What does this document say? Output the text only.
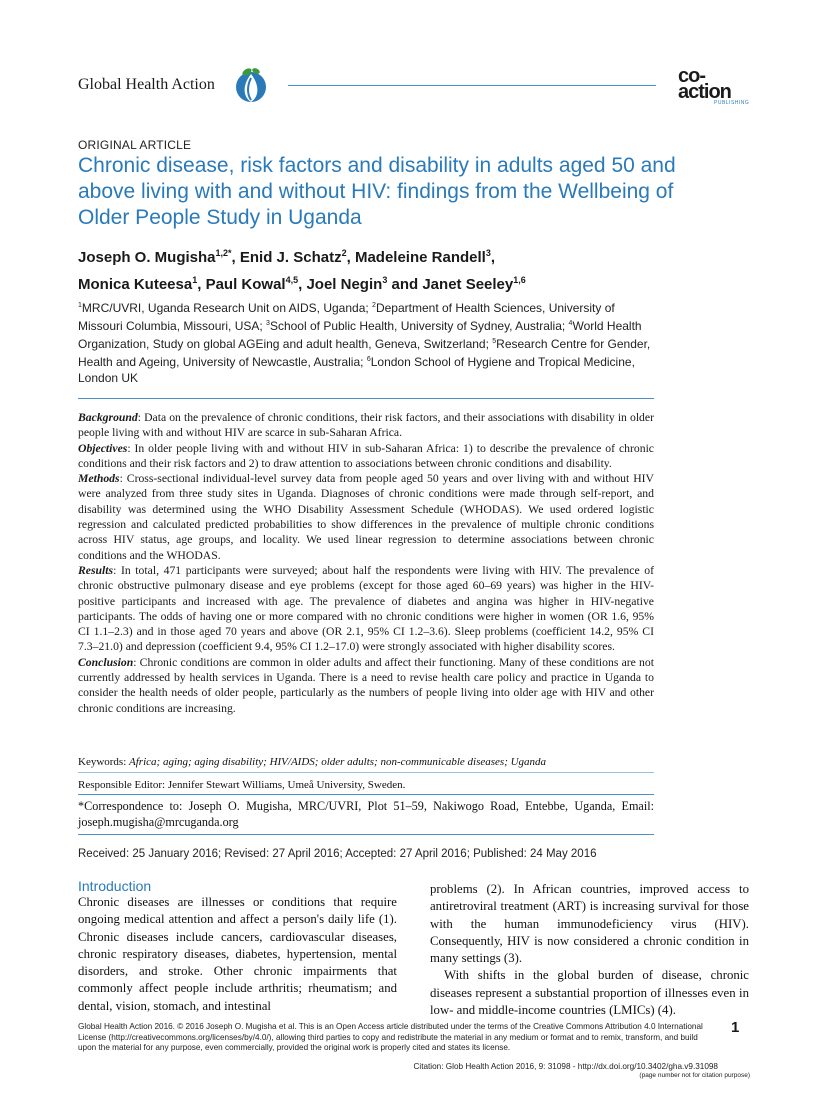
Global Health Action	co-action
PUBLISHING
ORIGINAL ARTICLE
Chronic disease, risk factors and disability in adults aged 50 and above living with and without HIV: findings from the Wellbeing of Older People Study in Uganda
Joseph O. Mugisha$^{1,2*}$, Enid J. Schatz$^2$, Madeleine Randell$^3$,
Monica Kuteesa$^1$, Paul Kowal$^{4,5}$, Joel Negin$^3$ and Janet Seeley$^{1,6}$
$^1$MRC/UVRI, Uganda Research Unit on AIDS, Uganda; $^2$Department of Health Sciences, University of Missouri Columbia, Missouri, USA; $^3$School of Public Health, University of Sydney, Australia; $^4$World Health Organization, Study on global AGEing and adult health, Geneva, Switzerland; $^5$Research Centre for Gender, Health and Ageing, University of Newcastle, Australia; $^6$London School of Hygiene and Tropical Medicine, London UK

Background: Data on the prevalence of chronic conditions, their risk factors, and their associations with disability in older people living with and without HIV are scarce in sub-Saharan Africa.

Objectives: In older people living with and without HIV in sub-Saharan Africa: 1) to describe the prevalence of chronic conditions and their risk factors and 2) to draw attention to associations between chronic conditions and disability.

Methods: Cross-sectional individual-level survey data from people aged 50 years and over living with and without HIV were analyzed from three study sites in Uganda. Diagnoses of chronic conditions were made through self-report, and disability was determined using the WHO Disability Assessment Schedule (WHODAS). We used ordered logistic regression and calculated predicted probabilities to show differences in the prevalence of multiple chronic conditions across HIV status, age groups, and locality. We used linear regression to determine associations between chronic conditions and the WHODAS.

Results: In total, 471 participants were surveyed; about half the respondents were living with HIV. The prevalence of chronic obstructive pulmonary disease and eye problems (except for those aged 60–69 years) was higher in the HIV-positive participants and increased with age. The prevalence of diabetes and angina was higher in HIV-negative participants. The odds of having one or more compared with no chronic conditions were higher in women (OR 1.6, 95% CI 1.1–2.3) and in those aged 70 years and above (OR 2.1, 95% CI 1.2–3.6). Sleep problems (coefficient 14.2, 95% CI 7.3–21.0) and depression (coefficient 9.4, 95% CI 1.2–17.0) were strongly associated with higher disability scores.

Conclusion: Chronic conditions are common in older adults and affect their functioning. Many of these conditions are not currently addressed by health services in Uganda. There is a need to revise health care policy and practice in Uganda to consider the health needs of older people, particularly as the numbers of people living into older age with HIV and other chronic conditions are increasing.

Keywords: Africa; aging; aging disability; HIV/AIDS; older adults; non-communicable diseases; Uganda
Responsible Editor: Jennifer Stewart Williams, Umeå University, Sweden.
*Correspondence to: Joseph O. Mugisha, MRC/UVRI, Plot 51–59, Nakiwogo Road, Entebbe, Uganda, Email: joseph.mugisha@mrcuganda.org
Received: 25 January 2016; Revised: 27 April 2016; Accepted: 27 April 2016; Published: 24 May 2016
Introduction

Chronic diseases are illnesses or conditions that require ongoing medical attention and affect a person's daily life (1). Chronic diseases include cancers, cardiovascular diseases, chronic respiratory diseases, diabetes, hypertension, mental disorders, and stroke. Other chronic impairments that commonly affect people include arthritis; rheumatism; and dental, vision, stomach, and intestinal

problems (2). In African countries, improved access to antiretroviral treatment (ART) is increasing survival for those with the human immunodeficiency virus (HIV). Consequently, HIV is now considered a chronic condition in many settings (3).

With shifts in the global burden of disease, chronic diseases represent a substantial proportion of illnesses even in low- and middle-income countries (LMICs) (4).

Global Health Action 2016. © 2016 Joseph O. Mugisha et al. This is an Open Access article distributed under the terms of the Creative Commons Attribution 4.0 International License (http://creativecommons.org/licenses/by/4.0/), allowing third parties to copy and redistribute the material in any medium or format and to remix, transform, and build upon the material for any purpose, even commercially, provided the original work is properly cited and states its license.
Citation: Glob Health Action 2016, 9: 31098 - http://dx.doi.org/10.3402/gha.v9.31098
(page number not for citation purpose)
1
